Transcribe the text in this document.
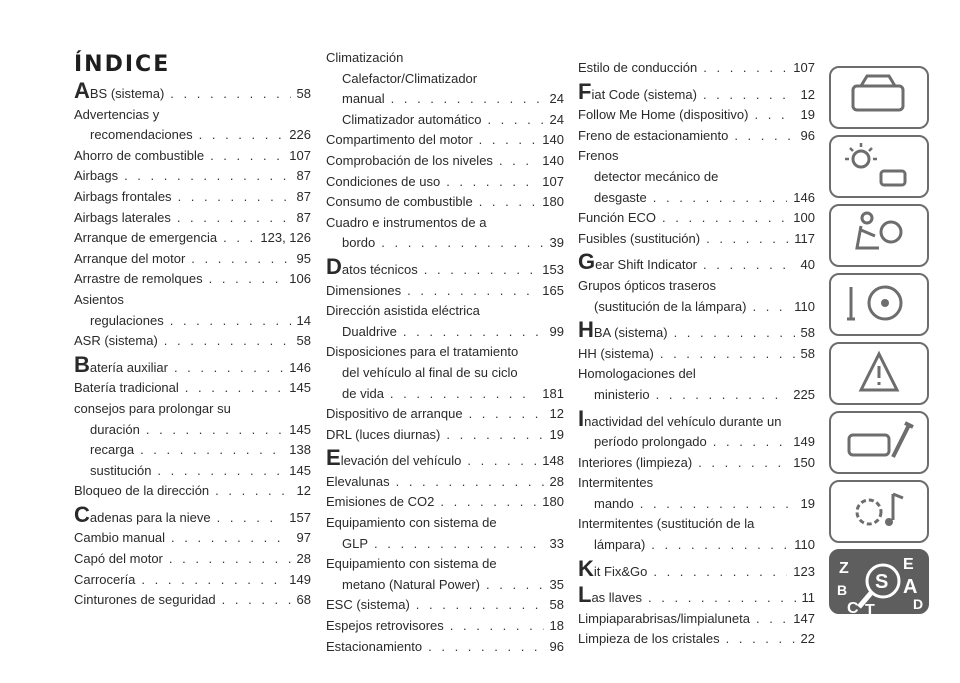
ÍNDICE
ABS (sistema) . . .	58
Advertencias y
recomendaciones . . .	226
Ahorro de combustible . . .	107
Airbags . . .	87
Airbags frontales . . .	87
Airbags laterales . . .	87
Arranque de emergencia . . .	123, 126
Arranque del motor . . .	95
Arrastre de remolques . . .	106
Asientos
regulaciones . . .	14
ASR (sistema) . . .	58
Batería auxiliar . . .	146
Batería tradicional . . .	145
consejos para prolongar su
duración . . .	145
recarga . . .	138
sustitución . . .	145
Bloqueo de la dirección . . .	12
Cadenas para la nieve . . .	157
Cambio manual . . .	97
Capó del motor . . .	28
Carrocería . . .	149
Cinturones de seguridad . . .	68
Climatización
Calefactor/Climatizador
manual . . .	24
Climatizador automático . . .	24
Compartimento del motor . . .	140
Comprobación de los niveles . . .	140
Condiciones de uso . . .	107
Consumo de combustible . . .	180
Cuadro e instrumentos de a
bordo . . .	39
Datos técnicos . . .	153
Dimensiones . . .	165
Dirección asistida eléctrica
Dualdrive . . .	99
Disposiciones para el tratamiento
del vehículo al final de su ciclo
de vida . . .	181
Dispositivo de arranque . . .	12
DRL (luces diurnas) . . .	19
Elevación del vehículo . . .	148
Elevalunas . . .	28
Emisiones de CO2 . . .	180
Equipamiento con sistema de
GLP . . .	33
Equipamiento con sistema de
metano (Natural Power) . . .	35
ESC (sistema) . . .	58
Espejos retrovisores . . .	18
Estacionamiento . . .	96
Estilo de conducción . . .	107
Fiat Code (sistema) . . .	12
Follow Me Home (dispositivo) . . .	19
Freno de estacionamiento . . .	96
Frenos
detector mecánico de
desgaste . . .	146
Función ECO . . .	100
Fusibles (sustitución) . . .	117
Gear Shift Indicator . . .	40
Grupos ópticos traseros
(sustitución de la lámpara) . . .	110
HBA (sistema) . . .	58
HH (sistema) . . .	58
Homologaciones del
ministerio . . .	225
Inactividad del vehículo durante un
período prolongado . . .	149
Interiores (limpieza) . . .	150
Intermitentes
mando . . .	19
Intermitentes (sustitución de la
lámpara) . . .	110
Kit Fix&Go . . .	123
Las llaves . . .	11
Limpiaparabrisas/limpialuneta . . .	147
Limpieza de los cristales . . .	22
Z	E
B S A
C T	D
